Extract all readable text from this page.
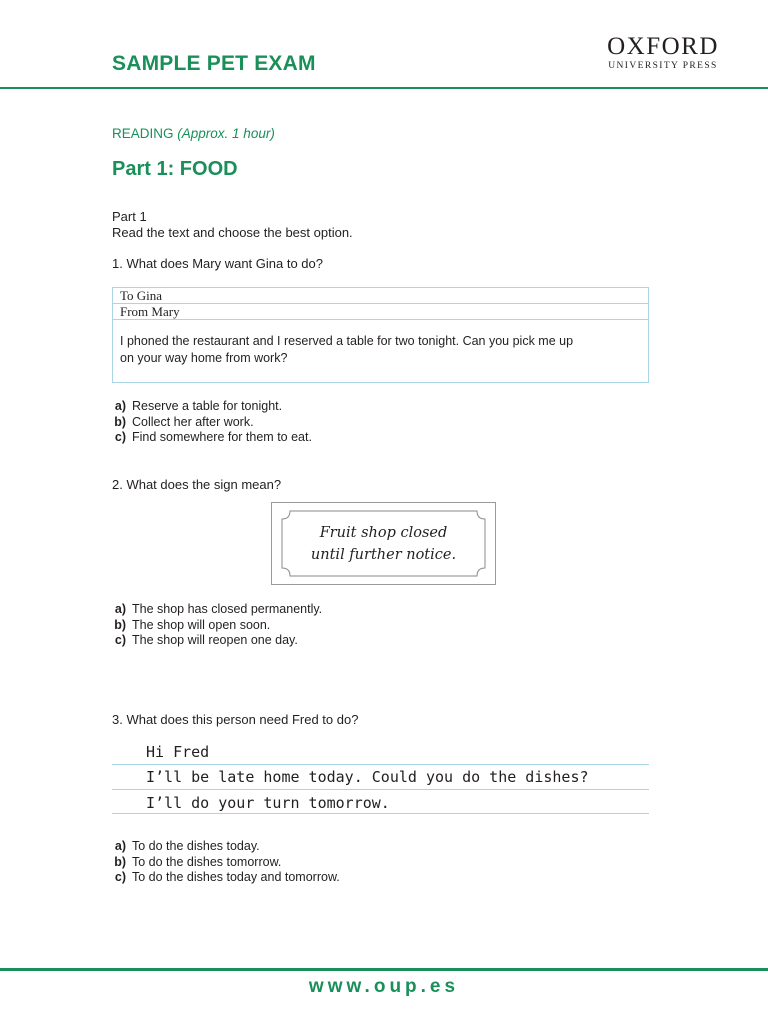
SAMPLE PET EXAM
OXFORD
UNIVERSITY PRESS
READING (Approx. 1 hour)
Part 1: FOOD
Part 1
Read the text and choose the best option.
1. What does Mary want Gina to do?
To Gina
From Mary
I phoned the restaurant and I reserved a table for two tonight. Can you pick me up
on your way home from work?
a) Reserve a table for tonight.
b) Collect her after work.
c) Find somewhere for them to eat.
2. What does the sign mean?
Fruit shop closed
until further notice.
a) The shop has closed permanently.
b) The shop will open soon.
c) The shop will reopen one day.
3. What does this person need Fred to do?
Hi Fred
I’ll be late home today. Could you do the dishes?
I’ll do your turn tomorrow.
a) To do the dishes today.
b) To do the dishes tomorrow.
c) To do the dishes today and tomorrow.
www.oup.es
